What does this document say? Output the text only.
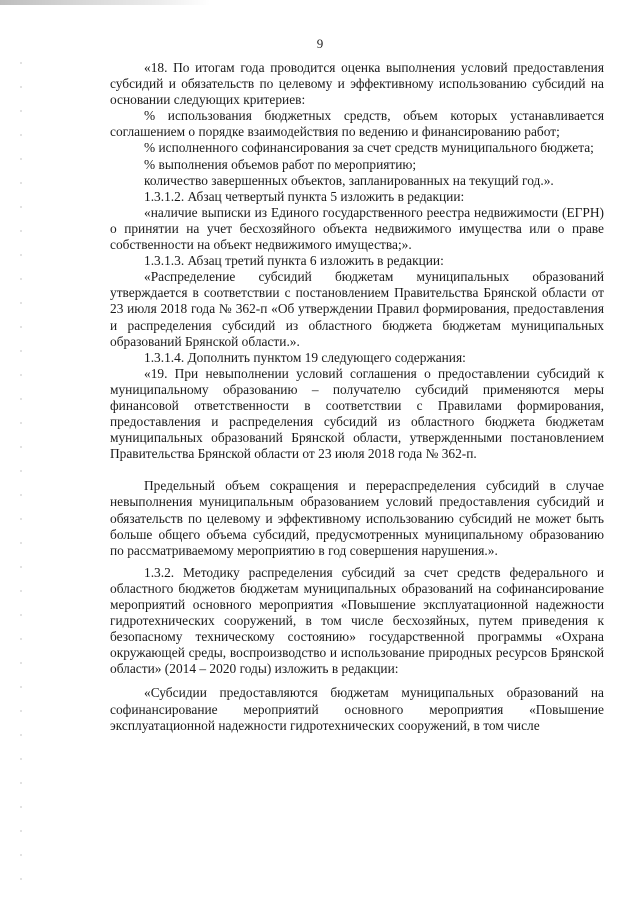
9

«18. По итогам года проводится оценка выполнения условий предоставления субсидий и обязательств по целевому и эффективному использованию субсидий на основании следующих критериев:

% использования бюджетных средств, объем которых устанавливается соглашением о порядке взаимодействия по ведению и финансированию работ;

% исполненного софинансирования за счет средств муниципального бюджета;

% выполнения объемов работ по мероприятию;

количество завершенных объектов, запланированных на текущий год.».

1.3.1.2. Абзац четвертый пункта 5 изложить в редакции:

«наличие выписки из Единого государственного реестра недвижимости (ЕГРН) о принятии на учет бесхозяйного объекта недвижимого имущества или о праве собственности на объект недвижимого имущества;».

1.3.1.3. Абзац третий пункта 6 изложить в редакции:

«Распределение субсидий бюджетам муниципальных образований утверждается в соответствии с постановлением Правительства Брянской области от 23 июля 2018 года № 362-п «Об утверждении Правил формирования, предоставления и распределения субсидий из областного бюджета бюджетам муниципальных образований Брянской области.».

1.3.1.4. Дополнить пунктом 19 следующего содержания:

«19. При невыполнении условий соглашения о предоставлении субсидий к муниципальному образованию – получателю субсидий применяются меры финансовой ответственности в соответствии с Правилами формирования, предоставления и распределения субсидий из областного бюджета бюджетам муниципальных образований Брянской области, утвержденными постановлением Правительства Брянской области от 23 июля 2018 года № 362-п.

Предельный объем сокращения и перераспределения субсидий в случае невыполнения муниципальным образованием условий предоставления субсидий и обязательств по целевому и эффективному использованию субсидий не может быть больше общего объема субсидий, предусмотренных муниципальному образованию по рассматриваемому мероприятию в год совершения нарушения.».

1.3.2. Методику распределения субсидий за счет средств федерального и областного бюджетов бюджетам муниципальных образований на софинансирование мероприятий основного мероприятия «Повышение эксплуатационной надежности гидротехнических сооружений, в том числе бесхозяйных, путем приведения к безопасному техническому состоянию» государственной программы «Охрана окружающей среды, воспроизводство и использование природных ресурсов Брянской области» (2014 – 2020 годы) изложить в редакции:

«Субсидии предоставляются бюджетам муниципальных образований на софинансирование мероприятий основного мероприятия «Повышение эксплуатационной надежности гидротехнических сооружений, в том числе
